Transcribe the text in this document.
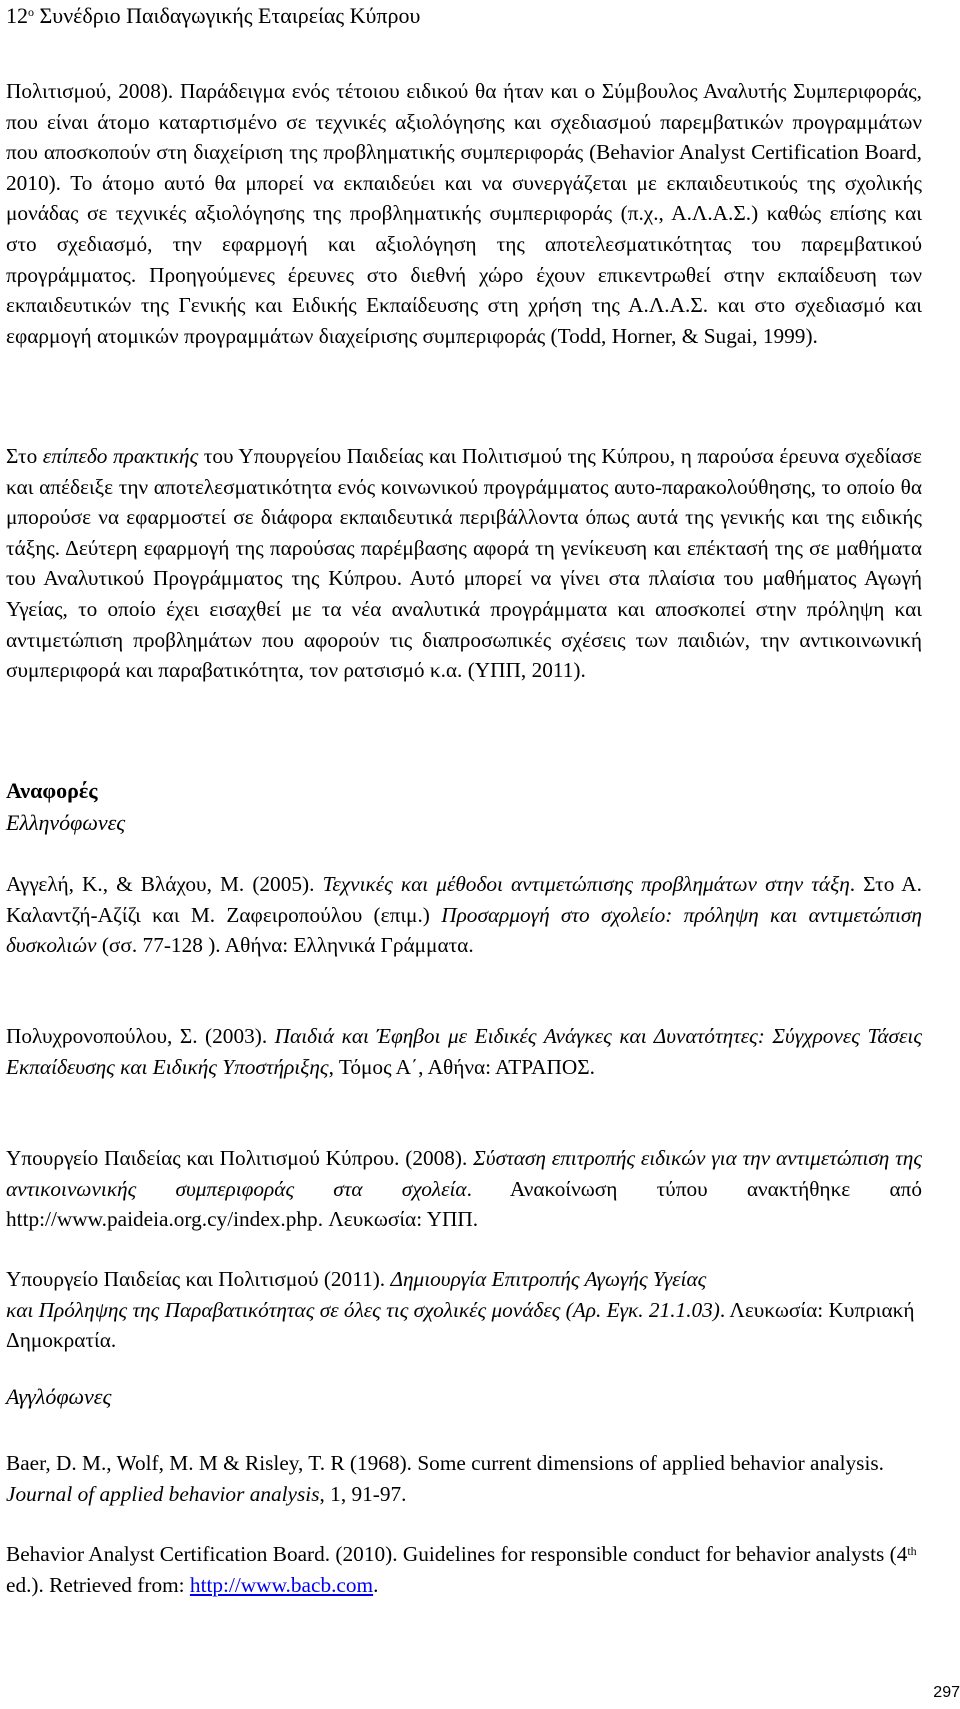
$12^o$ Συνέδριο Παιδαγωγικής Εταιρείας Κύπρου
Πολιτισμού, 2008). Παράδειγμα ενός τέτοιου ειδικού θα ήταν και ο Σύμβουλος Αναλυτής Συμπεριφοράς, που είναι άτομο καταρτισμένο σε τεχνικές αξιολόγησης και σχεδιασμού παρεμβατικών προγραμμάτων που αποσκοπούν στη διαχείριση της προβληματικής συμπεριφοράς (Behavior Analyst Certification Board, 2010). Το άτομο αυτό θα μπορεί να εκπαιδεύει και να συνεργάζεται με εκπαιδευτικούς της σχολικής μονάδας σε τεχνικές αξιολόγησης της προβληματικής συμπεριφοράς (π.χ., Α.Λ.Α.Σ.) καθώς επίσης και στο σχεδιασμό, την εφαρμογή και αξιολόγηση της αποτελεσματικότητας του παρεμβατικού προγράμματος. Προηγούμενες έρευνες στο διεθνή χώρο έχουν επικεντρωθεί στην εκπαίδευση των εκπαιδευτικών της Γενικής και Ειδικής Εκπαίδευσης στη χρήση της Α.Λ.Α.Σ. και στο σχεδιασμό και εφαρμογή ατομικών προγραμμάτων διαχείρισης συμπεριφοράς (Todd, Horner, & Sugai, 1999).
Στο επίπεδο πρακτικής του Υπουργείου Παιδείας και Πολιτισμού της Κύπρου, η παρούσα έρευνα σχεδίασε και απέδειξε την αποτελεσματικότητα ενός κοινωνικού προγράμματος αυτο-παρακολούθησης, το οποίο θα μπορούσε να εφαρμοστεί σε διάφορα εκπαιδευτικά περιβάλλοντα όπως αυτά της γενικής και της ειδικής τάξης. Δεύτερη εφαρμογή της παρούσας παρέμβασης αφορά τη γενίκευση και επέκτασή της σε μαθήματα του Αναλυτικού Προγράμματος της Κύπρου. Αυτό μπορεί να γίνει στα πλαίσια του μαθήματος Αγωγή Υγείας, το οποίο έχει εισαχθεί με τα νέα αναλυτικά προγράμματα και αποσκοπεί στην πρόληψη και αντιμετώπιση προβλημάτων που αφορούν τις διαπροσωπικές σχέσεις των παιδιών, την αντικοινωνική συμπεριφορά και παραβατικότητα, τον ρατσισμό κ.α. (ΥΠΠ, 2011).
Αναφορές
Ελληνόφωνες
Αγγελή, Κ., & Βλάχου, Μ. (2005). Τεχνικές και μέθοδοι αντιμετώπισης προβλημάτων στην τάξη. Στο Α. Καλαντζή-Αζίζι και Μ. Ζαφειροπούλου (επιμ.) Προσαρμογή στο σχολείο: πρόληψη και αντιμετώπιση δυσκολιών (σσ. 77-128 ). Αθήνα: Ελληνικά Γράμματα.
Πολυχρονοπούλου, Σ. (2003). Παιδιά και Έφηβοι με Ειδικές Ανάγκες και Δυνατότητες: Σύγχρονες Τάσεις Εκπαίδευσης και Ειδικής Υποστήριξης, Τόμος Α΄, Αθήνα: ΑΤΡΑΠΟΣ.
Υπουργείο Παιδείας και Πολιτισμού Κύπρου. (2008). Σύσταση επιτροπής ειδικών για την αντιμετώπιση της αντικοινωνικής συμπεριφοράς στα σχολεία. Ανακοίνωση τύπου ανακτήθηκε από http://www.paideia.org.cy/index.php. Λευκωσία: ΥΠΠ.
Υπουργείο Παιδείας και Πολιτισμού (2011). Δημιουργία Επιτροπής Αγωγής Υγείας
και Πρόληψης της Παραβατικότητας σε όλες τις σχολικές μονάδες (Αρ. Εγκ. 21.1.03). Λευκωσία: Κυπριακή Δημοκρατία.
Αγγλόφωνες
Baer, D. M., Wolf, M. M & Risley, T. R (1968). Some current dimensions of applied behavior analysis. Journal of applied behavior analysis, 1, 91-97.
Behavior Analyst Certification Board. (2010). Guidelines for responsible conduct for behavior analysts (4th ed.). Retrieved from: http://www.bacb.com.
297
